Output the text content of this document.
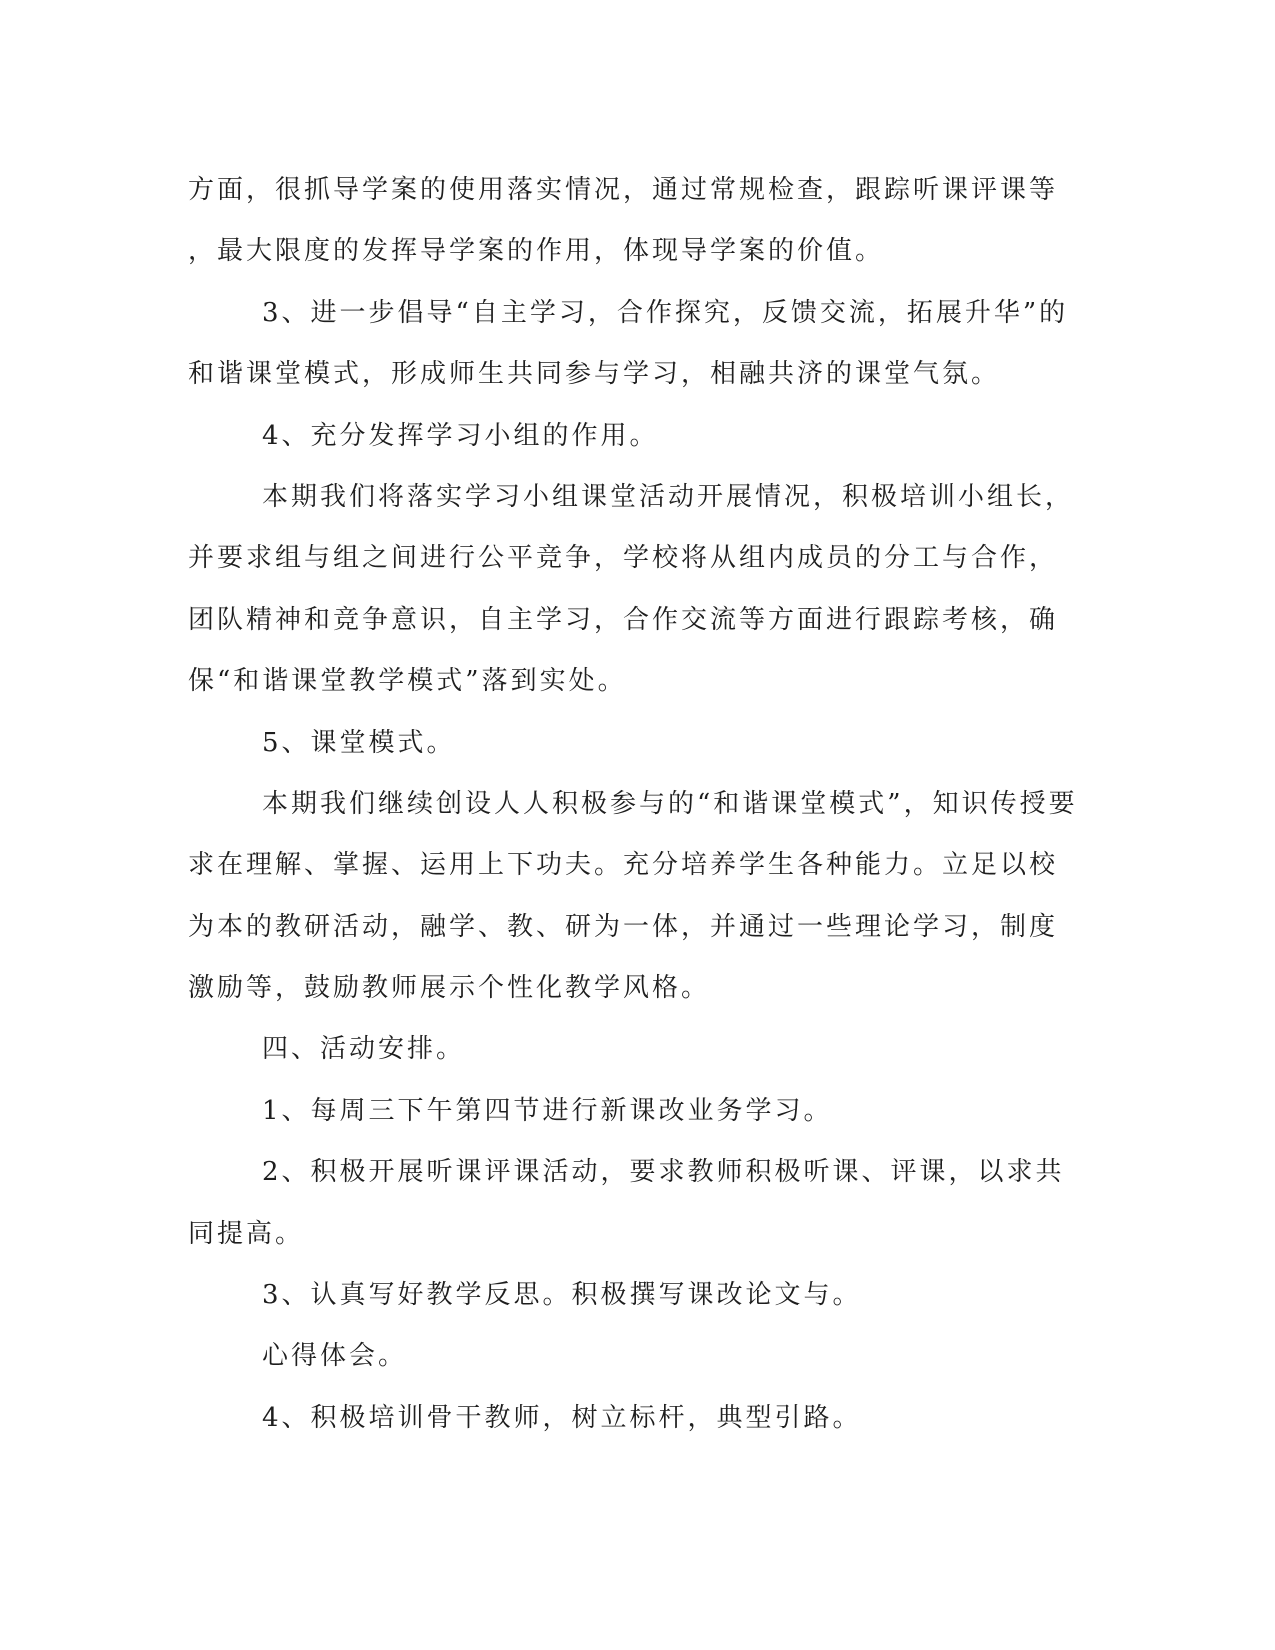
方面，很抓导学案的使用落实情况，通过常规检查，跟踪听课评课等

，最大限度的发挥导学案的作用，体现导学案的价值。

3、进一步倡导“自主学习，合作探究，反馈交流，拓展升华”的

和谐课堂模式，形成师生共同参与学习，相融共济的课堂气氛。

4、充分发挥学习小组的作用。

本期我们将落实学习小组课堂活动开展情况，积极培训小组长，

并要求组与组之间进行公平竞争，学校将从组内成员的分工与合作，

团队精神和竞争意识，自主学习，合作交流等方面进行跟踪考核，确

保“和谐课堂教学模式”落到实处。

5、课堂模式。

本期我们继续创设人人积极参与的“和谐课堂模式”，知识传授要

求在理解、掌握、运用上下功夫。充分培养学生各种能力。立足以校

为本的教研活动，融学、教、研为一体，并通过一些理论学习，制度

激励等，鼓励教师展示个性化教学风格。

四、活动安排。

1、每周三下午第四节进行新课改业务学习。

2、积极开展听课评课活动，要求教师积极听课、评课，以求共

同提高。

3、认真写好教学反思。积极撰写课改论文与。

心得体会。

4、积极培训骨干教师，树立标杆，典型引路。
